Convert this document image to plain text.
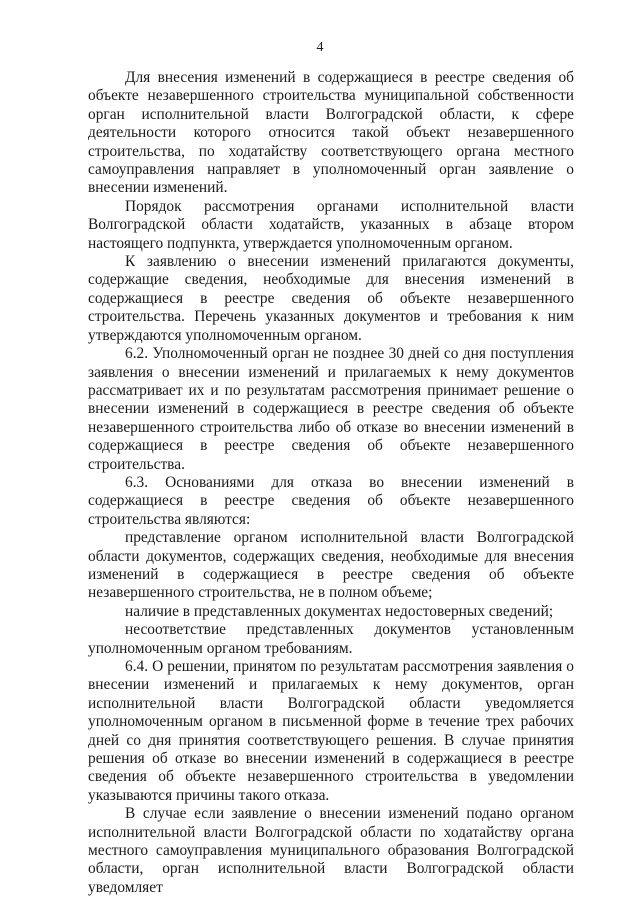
4

Для внесения изменений в содержащиеся в реестре сведения об объекте незавершенного строительства муниципальной собственности орган исполнительной власти Волгоградской области, к сфере деятельности которого относится такой объект незавершенного строительства, по ходатайству соответствующего органа местного самоуправления направляет в уполномоченный орган заявление о внесении изменений.

Порядок рассмотрения органами исполнительной власти Волгоградской области ходатайств, указанных в абзаце втором настоящего подпункта, утверждается уполномоченным органом.

К заявлению о внесении изменений прилагаются документы, содержащие сведения, необходимые для внесения изменений в содержащиеся в реестре сведения об объекте незавершенного строительства. Перечень указанных документов и требования к ним утверждаются уполномоченным органом.

6.2. Уполномоченный орган не позднее 30 дней со дня поступления заявления о внесении изменений и прилагаемых к нему документов рассматривает их и по результатам рассмотрения принимает решение о внесении изменений в содержащиеся в реестре сведения об объекте незавершенного строительства либо об отказе во внесении изменений в содержащиеся в реестре сведения об объекте незавершенного строительства.

6.3. Основаниями для отказа во внесении изменений в содержащиеся в реестре сведения об объекте незавершенного строительства являются:

представление органом исполнительной власти Волгоградской области документов, содержащих сведения, необходимые для внесения изменений в содержащиеся в реестре сведения об объекте незавершенного строительства, не в полном объеме;

наличие в представленных документах недостоверных сведений;

несоответствие представленных документов установленным уполномоченным органом требованиям.

6.4. О решении, принятом по результатам рассмотрения заявления о внесении изменений и прилагаемых к нему документов, орган исполнительной власти Волгоградской области уведомляется уполномоченным органом в письменной форме в течение трех рабочих дней со дня принятия соответствующего решения. В случае принятия решения об отказе во внесении изменений в содержащиеся в реестре сведения об объекте незавершенного строительства в уведомлении указываются причины такого отказа.

В случае если заявление о внесении изменений подано органом исполнительной власти Волгоградской области по ходатайству органа местного самоуправления муниципального образования Волгоградской области, орган исполнительной власти Волгоградской области уведомляет
